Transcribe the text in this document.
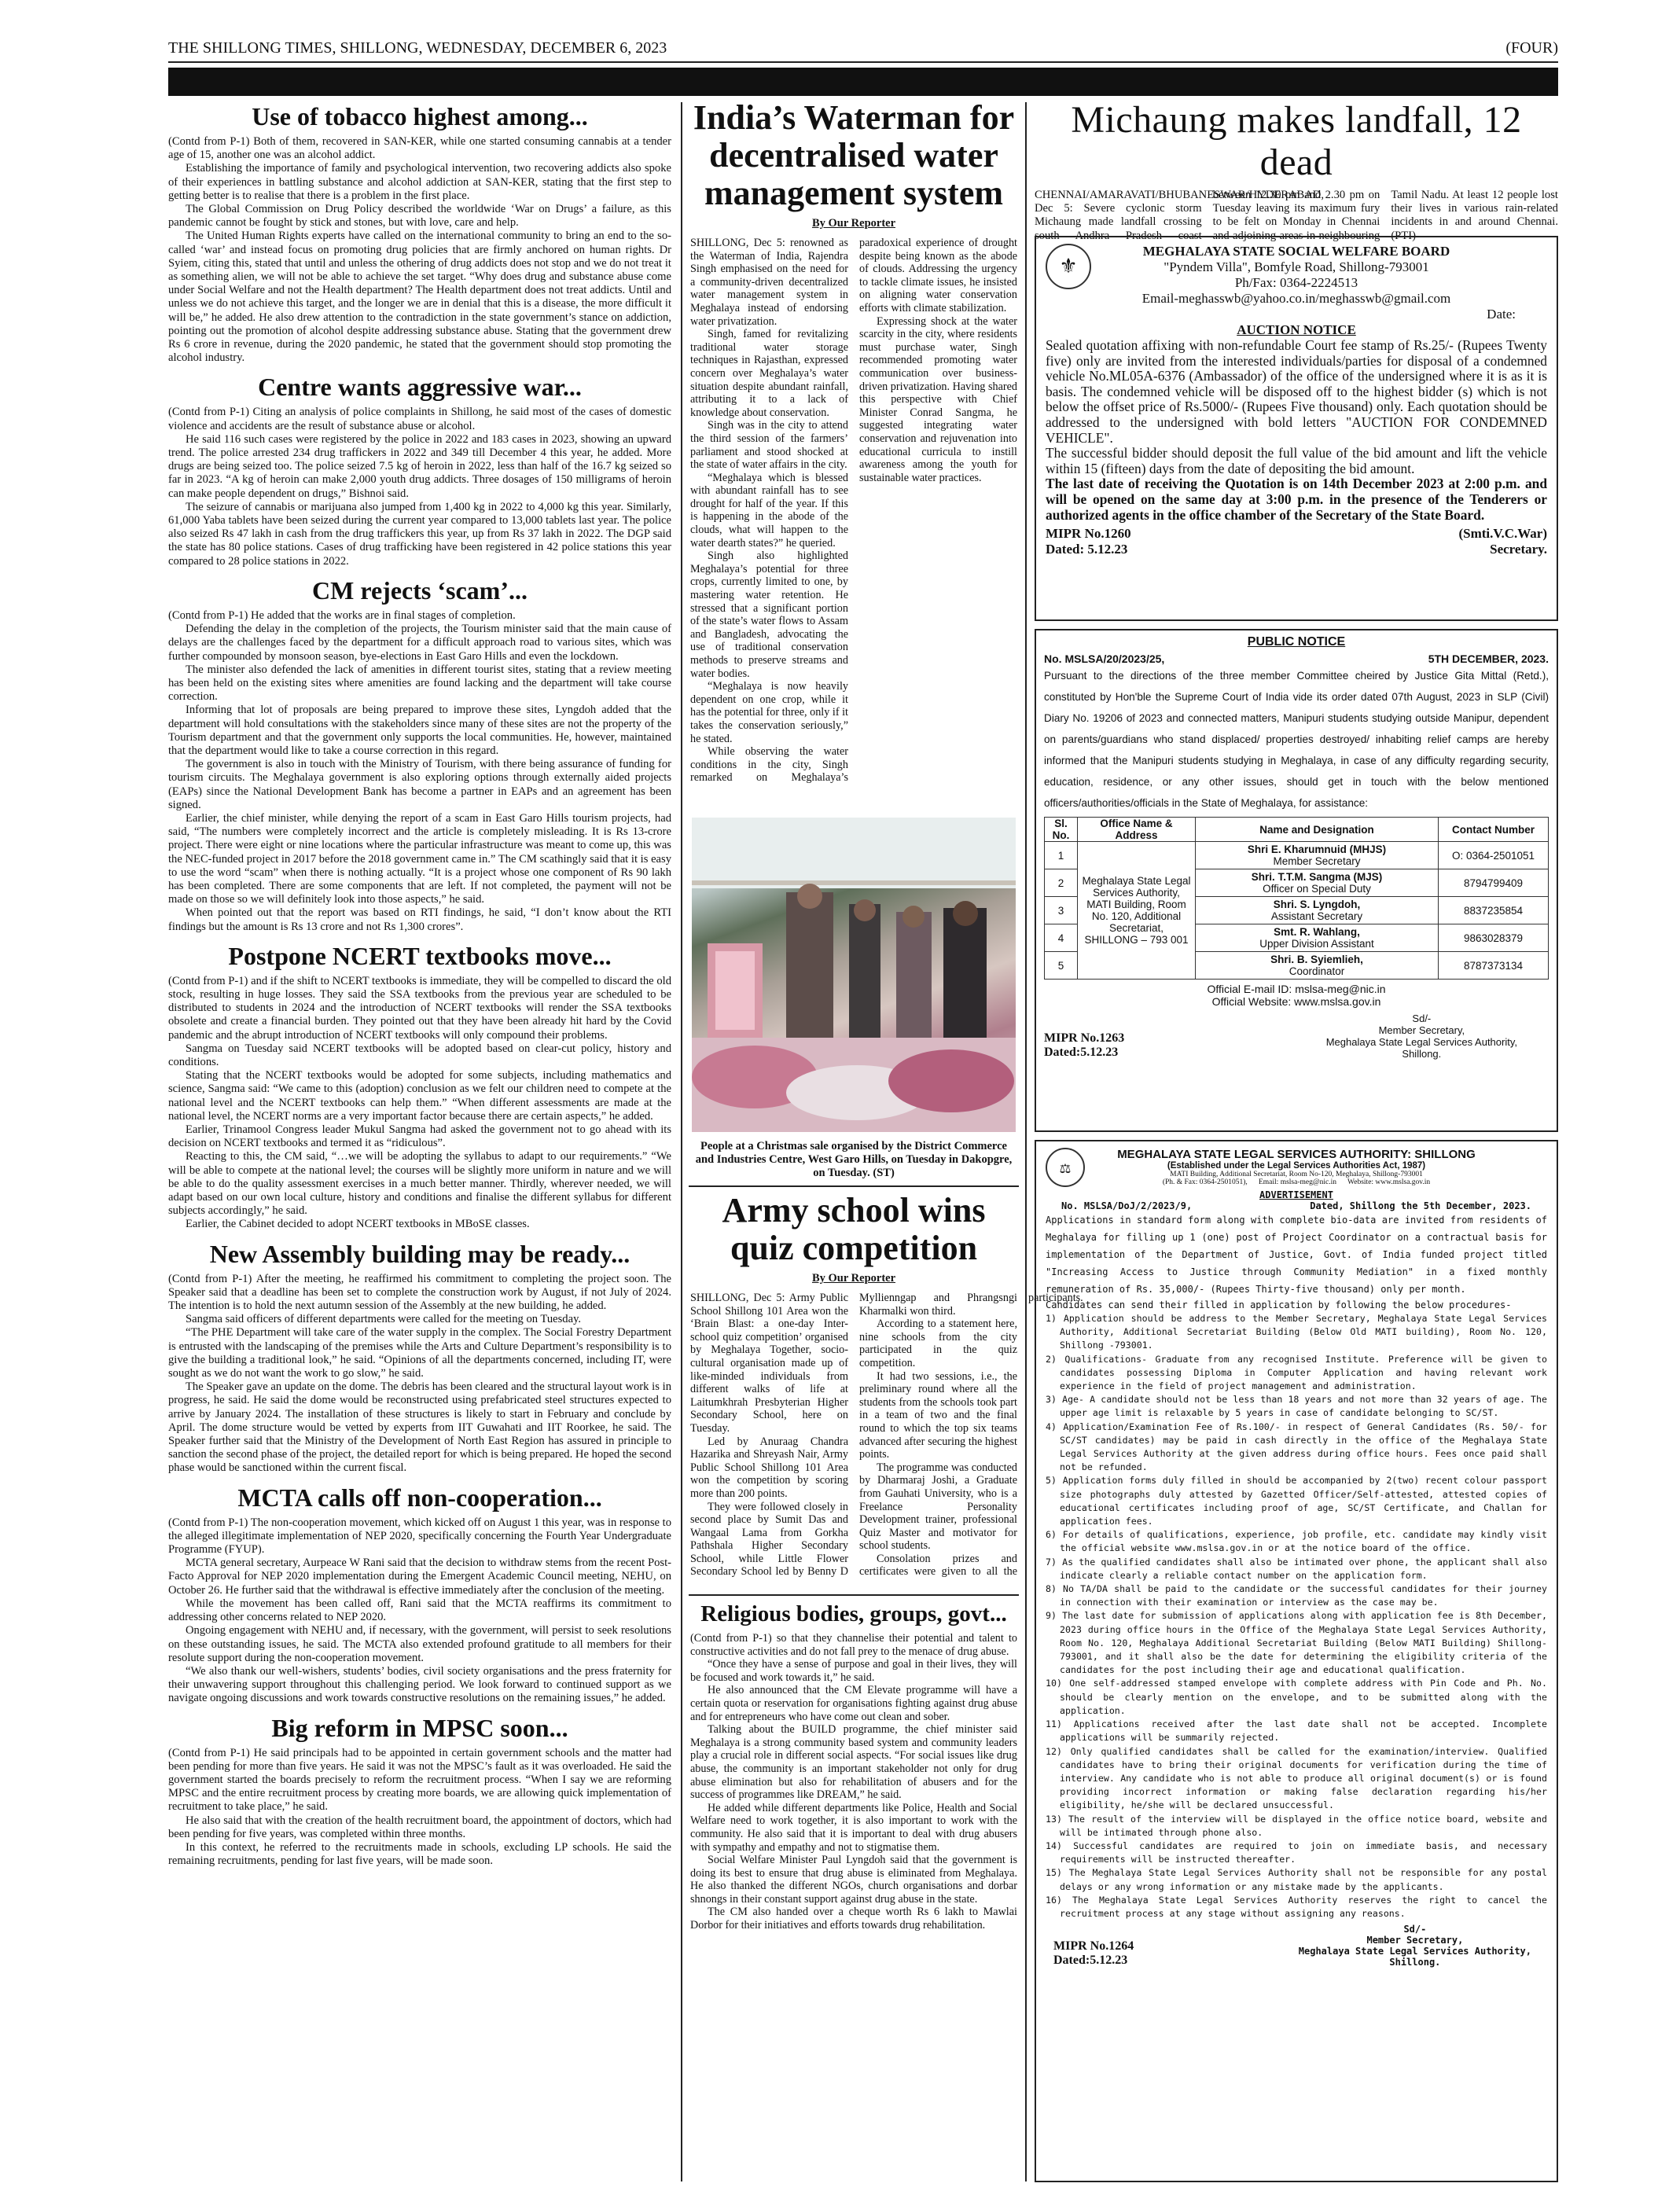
THE SHILLONG TIMES, SHILLONG, WEDNESDAY, DECEMBER 6, 2023	(FOUR)
Use of tobacco highest among...

(Contd from P-1) Both of them, recovered in SAN-KER, while one started consuming cannabis at a tender age of 15, another one was an alcohol addict.

Establishing the importance of family and psychological intervention, two recovering addicts also spoke of their experiences in battling substance and alcohol addiction at SAN-KER, stating that the first step to getting better is to realise that there is a problem in the first place.

The Global Commission on Drug Policy described the worldwide ‘War on Drugs’ a failure, as this pandemic cannot be fought by stick and stones, but with love, care and help.

The United Human Rights experts have called on the international community to bring an end to the so-called ‘war’ and instead focus on promoting drug policies that are firmly anchored on human rights. Dr Syiem, citing this, stated that until and unless the othering of drug addicts does not stop and we do not treat it as something alien, we will not be able to achieve the set target. “Why does drug and substance abuse come under Social Welfare and not the Health department? The Health department does not treat addicts. Until and unless we do not achieve this target, and the longer we are in denial that this is a disease, the more difficult it will be,” he added. He also drew attention to the contradiction in the state government’s stance on addiction, pointing out the promotion of alcohol despite addressing substance abuse. Stating that the government drew Rs 6 crore in revenue, during the 2020 pandemic, he stated that the government should stop promoting the alcohol industry.

Centre wants aggressive war...

(Contd from P-1) Citing an analysis of police complaints in Shillong, he said most of the cases of domestic violence and accidents are the result of substance abuse or alcohol.

He said 116 such cases were registered by the police in 2022 and 183 cases in 2023, showing an upward trend. The police arrested 234 drug traffickers in 2022 and 349 till December 4 this year, he added. More drugs are being seized too. The police seized 7.5 kg of heroin in 2022, less than half of the 16.7 kg seized so far in 2023. “A kg of heroin can make 2,000 youth drug addicts. Three dosages of 150 milligrams of heroin can make people dependent on drugs,” Bishnoi said.

The seizure of cannabis or marijuana also jumped from 1,400 kg in 2022 to 4,000 kg this year. Similarly, 61,000 Yaba tablets have been seized during the current year compared to 13,000 tablets last year. The police also seized Rs 47 lakh in cash from the drug traffickers this year, up from Rs 37 lakh in 2022. The DGP said the state has 80 police stations. Cases of drug trafficking have been registered in 42 police stations this year compared to 28 police stations in 2022.

CM rejects ‘scam’...

(Contd from P-1) He added that the works are in final stages of completion.

Defending the delay in the completion of the projects, the Tourism minister said that the main cause of delays are the challenges faced by the department for a difficult approach road to various sites, which was further compounded by monsoon season, bye-elections in East Garo Hills and even the lockdown.

The minister also defended the lack of amenities in different tourist sites, stating that a review meeting has been held on the existing sites where amenities are found lacking and the department will take course correction.

Informing that lot of proposals are being prepared to improve these sites, Lyngdoh added that the department will hold consultations with the stakeholders since many of these sites are not the property of the Tourism department and that the government only supports the local communities. He, however, maintained that the department would like to take a course correction in this regard.

The government is also in touch with the Ministry of Tourism, with there being assurance of funding for tourism circuits. The Meghalaya government is also exploring options through externally aided projects (EAPs) since the National Development Bank has become a partner in EAPs and an agreement has been signed.

Earlier, the chief minister, while denying the report of a scam in East Garo Hills tourism projects, had said, “The numbers were completely incorrect and the article is completely misleading. It is Rs 13-crore project. There were eight or nine locations where the particular infrastructure was meant to come up, this was the NEC-funded project in 2017 before the 2018 government came in.” The CM scathingly said that it is easy to use the word “scam” when there is nothing actually. “It is a project whose one component of Rs 90 lakh has been completed. There are some components that are left. If not completed, the payment will not be made on those so we will definitely look into those aspects,” he said.

When pointed out that the report was based on RTI findings, he said, “I don’t know about the RTI findings but the amount is Rs 13 crore and not Rs 1,300 crores”.

Postpone NCERT textbooks move...

(Contd from P-1) and if the shift to NCERT textbooks is immediate, they will be compelled to discard the old stock, resulting in huge losses. They said the SSA textbooks from the previous year are scheduled to be distributed to students in 2024 and the introduction of NCERT textbooks will render the SSA textbooks obsolete and create a financial burden. They pointed out that they have been already hit hard by the Covid pandemic and the abrupt introduction of NCERT textbooks will only compound their problems.

Sangma on Tuesday said NCERT textbooks will be adopted based on clear-cut policy, history and conditions.

Stating that the NCERT textbooks would be adopted for some subjects, including mathematics and science, Sangma said: “We came to this (adoption) conclusion as we felt our children need to compete at the national level and the NCERT textbooks can help them.” “When different assessments are made at the national level, the NCERT norms are a very important factor because there are certain aspects,” he added.

Earlier, Trinamool Congress leader Mukul Sangma had asked the government not to go ahead with its decision on NCERT textbooks and termed it as “ridiculous”.

Reacting to this, the CM said, “…we will be adopting the syllabus to adapt to our requirements.” “We will be able to compete at the national level; the courses will be slightly more uniform in nature and we will be able to do the quality assessment exercises in a much better manner. Thirdly, wherever needed, we will adapt based on our own local culture, history and conditions and finalise the different syllabus for different subjects accordingly,” he said.

Earlier, the Cabinet decided to adopt NCERT textbooks in MBoSE classes.

New Assembly building may be ready...

(Contd from P-1) After the meeting, he reaffirmed his commitment to completing the project soon. The Speaker said that a deadline has been set to complete the construction work by August, if not July of 2024. The intention is to hold the next autumn session of the Assembly at the new building, he added.

Sangma said officers of different departments were called for the meeting on Tuesday.

“The PHE Department will take care of the water supply in the complex. The Social Forestry Department is entrusted with the landscaping of the premises while the Arts and Culture Department’s responsibility is to give the building a traditional look,” he said. “Opinions of all the departments concerned, including IT, were sought as we do not want the work to go slow,” he said.

The Speaker gave an update on the dome. The debris has been cleared and the structural layout work is in progress, he said. He said the dome would be reconstructed using prefabricated steel structures expected to arrive by January 2024. The installation of these structures is likely to start in February and conclude by April. The dome structure would be vetted by experts from IIT Guwahati and IIT Roorkee, he said. The Speaker further said that the Ministry of the Development of North East Region has assured in principle to sanction the second phase of the project, the detailed report for which is being prepared. He hoped the second phase would be sanctioned within the current fiscal.

MCTA calls off non-cooperation...

(Contd from P-1) The non-cooperation movement, which kicked off on August 1 this year, was in response to the alleged illegitimate implementation of NEP 2020, specifically concerning the Fourth Year Undergraduate Programme (FYUP).

MCTA general secretary, Aurpeace W Rani said that the decision to withdraw stems from the recent Post-Facto Approval for NEP 2020 implementation during the Emergent Academic Council meeting, NEHU, on October 26. He further said that the withdrawal is effective immediately after the conclusion of the meeting.

While the movement has been called off, Rani said that the MCTA reaffirms its commitment to addressing other concerns related to NEP 2020.

Ongoing engagement with NEHU and, if necessary, with the government, will persist to seek resolutions on these outstanding issues, he said. The MCTA also extended profound gratitude to all members for their resolute support during the non-cooperation movement.

“We also thank our well-wishers, students’ bodies, civil society organisations and the press fraternity for their unwavering support throughout this challenging period. We look forward to continued support as we navigate ongoing discussions and work towards constructive resolutions on the remaining issues,” he added.

Big reform in MPSC soon...

(Contd from P-1) He said principals had to be appointed in certain government schools and the matter had been pending for more than five years. He said it was not the MPSC’s fault as it was overloaded. He said the government started the boards precisely to reform the recruitment process. “When I say we are reforming MPSC and the entire recruitment process by creating more boards, we are allowing quick implementation of recruitment to take place,” he said.

He also said that with the creation of the health recruitment board, the appointment of doctors, which had been pending for five years, was completed within three months.

In this context, he referred to the recruitments made in schools, excluding LP schools. He said the remaining recruitments, pending for last five years, will be made soon.

India’s Waterman for decentralised water management system
By Our Reporter

SHILLONG, Dec 5: renowned as the Waterman of India, Rajendra Singh emphasised on the need for a community-driven decentralized water management system in Meghalaya instead of endorsing water privatization.

Singh, famed for revitalizing traditional water storage techniques in Rajasthan, expressed concern over Meghalaya’s water situation despite abundant rainfall, attributing it to a lack of knowledge about conservation.

Singh was in the city to attend the third session of the farmers’ parliament and stood shocked at the state of water affairs in the city.

“Meghalaya which is blessed with abundant rainfall has to see drought for half of the year. If this is happening in the abode of the clouds, what will happen to the water dearth states?” he queried.

Singh also highlighted Meghalaya’s potential for three crops, currently limited to one, by mastering water retention. He stressed that a significant portion of the state’s water flows to Assam and Bangladesh, advocating the use of traditional conservation methods to preserve streams and water bodies.

“Meghalaya is now heavily dependent on one crop, while it has the potential for three, only if it takes the conservation seriously,” he stated.

While observing the water conditions in the city, Singh remarked on Meghalaya’s paradoxical experience of drought despite being known as the abode of clouds. Addressing the urgency to tackle climate issues, he insisted on aligning water conservation efforts with climate stabilization.

Expressing shock at the water scarcity in the city, where residents must purchase water, Singh recommended promoting water communication over business-driven privatization. Having shared this perspective with Chief Minister Conrad Sangma, he suggested integrating water conservation and rejuvenation into educational curricula to instill awareness among the youth for sustainable water practices.

People at a Christmas sale organised by the District Commerce and Industries Centre, West Garo Hills, on Tuesday in Dakopgre, on Tuesday. (ST)
Army school wins quiz competition
By Our Reporter

SHILLONG, Dec 5: Army Public School Shillong 101 Area won the ‘Brain Blast: a one-day Inter-school quiz competition’ organised by Meghalaya Together, socio-cultural organisation made up of like-minded individuals from different walks of life at Laitumkhrah Presbyterian Higher Secondary School, here on Tuesday.

Led by Anuraag Chandra Hazarika and Shreyash Nair, Army Public School Shillong 101 Area won the competition by scoring more than 200 points.

They were followed closely in second place by Sumit Das and Wangaal Lama from Gorkha Pathshala Higher Secondary School, while Little Flower Secondary School led by Benny D Myllienngap and Phrangsngi Kharmalki won third.

According to a statement here, nine schools from the city participated in the quiz competition.

It had two sessions, i.e., the preliminary round where all the students from the schools took part in a team of two and the final round to which the top six teams advanced after securing the highest points.

The programme was conducted by Dharmaraj Joshi, a Graduate from Gauhati University, who is a Freelance Personality Development trainer, professional Quiz Master and motivator for school students.

Consolation prizes and certificates were given to all the participants.

Religious bodies, groups, govt...

(Contd from P-1) so that they channelise their potential and talent to constructive activities and do not fall prey to the menace of drug abuse.

“Once they have a sense of purpose and goal in their lives, they will be focused and work towards it,” he said.

He also announced that the CM Elevate programme will have a certain quota or reservation for organisations fighting against drug abuse and for entrepreneurs who have come out clean and sober.

Talking about the BUILD programme, the chief minister said Meghalaya is a strong community based system and community leaders play a crucial role in different social aspects. “For social issues like drug abuse, the community is an important stakeholder not only for drug abuse elimination but also for rehabilitation of abusers and for the success of programmes like DREAM,” he said.

He added while different departments like Police, Health and Social Welfare need to work together, it is also important to work with the community. He also said that it is important to deal with drug abusers with sympathy and empathy and not to stigmatise them.

Social Welfare Minister Paul Lyngdoh said that the government is doing its best to ensure that drug abuse is eliminated from Meghalaya. He also thanked the different NGOs, church organisations and dorbar shnongs in their constant support against drug abuse in the state.

The CM also handed over a cheque worth Rs 6 lakh to Mawlai Dorbor for their initiatives and efforts towards drug rehabilitation.

Michaung makes landfall, 12 dead
CHENNAI/AMARAVATI/BHUBANESWAR/HYDERABAD, Dec 5: Severe cyclonic storm Michaung made landfall crossing south Andhra Pradesh coast between 12.30 pm and 2.30 pm on Tuesday leaving its maximum fury to be felt on Monday in Chennai and adjoining areas in neighbouring Tamil Nadu. At least 12 people lost their lives in various rain-related incidents in and around Chennai. (PTI)
⚜
MEGHALAYA STATE SOCIAL WELFARE BOARD
"Pyndem Villa", Bomfyle Road, Shillong-793001
Ph/Fax: 0364-2224513
Email-meghasswb@yahoo.co.in/meghasswb@gmail.com
Date:
AUCTION NOTICE
Sealed quotation affixing with non-refundable Court fee stamp of Rs.25/- (Rupees Twenty five) only are invited from the interested individuals/parties for disposal of a condemned vehicle No.ML05A-6376 (Ambassador) of the office of the undersigned where it is as it is basis. The condemned vehicle will be disposed off to the highest bidder (s) which is not below the offset price of Rs.5000/- (Rupees Five thousand) only. Each quotation should be addressed to the undersigned with bold letters "AUCTION FOR CONDEMNED VEHICLE".
The successful bidder should deposit the full value of the bid amount and lift the vehicle within 15 (fifteen) days from the date of depositing the bid amount.
The last date of receiving the Quotation is on 14th December 2023 at 2:00 p.m. and will be opened on the same day at 3:00 p.m. in the presence of the Tenderers or authorized agents in the office chamber of the Secretary of the State Board.
MIPR No.1260
Dated: 5.12.23
(Smti.V.C.War)
Secretary.
PUBLIC NOTICE
No. MSLSA/20/2023/25,	5TH DECEMBER, 2023.
Pursuant to the directions of the three member Committee cheired by Justice Gita Mittal (Retd.), constituted by Hon'ble the Supreme Court of India vide its order dated 07th August, 2023 in SLP (Civil) Diary No. 19206 of 2023 and connected matters, Manipuri students studying outside Manipur, dependent on parents/guardians who stand displaced/ properties destroyed/ inhabiting relief camps are hereby informed that the Manipuri students studying in Meghalaya, in case of any difficulty regarding security, education, residence, or any other issues, should get in touch with the below mentioned officers/authorities/officials in the State of Meghalaya, for assistance:
Sl. No.	Office Name & Address	Name and Designation	Contact Number
1	Meghalaya State Legal Services Authority, MATI Building, Room No. 120, Additional Secretariat, SHILLONG – 793 001	Shri E. Kharumnuid (MHJS)
Member Secretary	O: 0364-2501051
2		Shri. T.T.M. Sangma (MJS)
Officer on Special Duty	8794799409
3		Shri. S. Lyngdoh,
Assistant Secretary	8837235854
4		Smt. R. Wahlang,
Upper Division Assistant	9863028379
5		Shri. B. Syiemlieh,
Coordinator	8787373134
Official E-mail ID: mslsa-meg@nic.in
Official Website: www.mslsa.gov.in
MIPR No.1263
Dated:5.12.23
Sd/-
Member Secretary,
Meghalaya State Legal Services Authority,
Shillong.
⚖
MEGHALAYA STATE LEGAL SERVICES AUTHORITY: SHILLONG
(Established under the Legal Services Authorities Act, 1987)
MATI Building, Additional Secretariat, Room No-120, Meghalaya, Shillong-793001
(Ph. & Fax: 0364-2501051),      Email: mslsa-meg@nic.in      Website: www.mslsa.gov.in
ADVERTISEMENT
No. MSLSA/DoJ/2/2023/9,	Dated, Shillong the 5th December, 2023.
Applications in standard form along with complete bio-data are invited from residents of Meghalaya for filling up 1 (one) post of Project Coordinator on a contractual basis for implementation of the Department of Justice, Govt. of India funded project titled "Increasing Access to Justice through Community Mediation" in a fixed monthly remuneration of Rs. 35,000/- (Rupees Thirty-five thousand) only per month.
Candidates can send their filled in application by following the below procedures-
1) Application should be address to the Member Secretary, Meghalaya State Legal Services Authority, Additional Secretariat Building (Below Old MATI building), Room No. 120, Shillong -793001.
2) Qualifications- Graduate from any recognised Institute. Preference will be given to candidates possessing Diploma in Computer Application and having relevant work experience in the field of project management and administration.
3) Age- A candidate should not be less than 18 years and not more than 32 years of age. The upper age limit is relaxable by 5 years in case of candidate belonging to SC/ST.
4) Application/Examination Fee of Rs.100/- in respect of General Candidates (Rs. 50/- for SC/ST candidates) may be paid in cash directly in the office of the Meghalaya State Legal Services Authority at the given address during office hours. Fees once paid shall not be refunded.
5) Application forms duly filled in should be accompanied by 2(two) recent colour passport size photographs duly attested by Gazetted Officer/Self-attested, attested copies of educational certificates including proof of age, SC/ST Certificate, and Challan for application fees.
6) For details of qualifications, experience, job profile, etc. candidate may kindly visit the official website www.mslsa.gov.in or at the notice board of the office.
7) As the qualified candidates shall also be intimated over phone, the applicant shall also indicate clearly a reliable contact number on the application form.
8) No TA/DA shall be paid to the candidate or the successful candidates for their journey in connection with their examination or interview as the case may be.
9) The last date for submission of applications along with application fee is 8th December, 2023 during office hours in the Office of the Meghalaya State Legal Services Authority, Room No. 120, Meghalaya Additional Secretariat Building (Below MATI Building) Shillong-793001, and it shall also be the date for determining the eligibility criteria of the candidates for the post including their age and educational qualification.
10) One self-addressed stamped envelope with complete address with Pin Code and Ph. No. should be clearly mention on the envelope, and to be submitted along with the application.
11) Applications received after the last date shall not be accepted. Incomplete applications will be summarily rejected.
12) Only qualified candidates shall be called for the examination/interview. Qualified candidates have to bring their original documents for verification during the time of interview. Any candidate who is not able to produce all original document(s) or is found providing incorrect information or making false declaration regarding his/her eligibility, he/she will be declared unsuccessful.
13) The result of the interview will be displayed in the office notice board, website and will be intimated through phone also.
14) Successful candidates are required to join on immediate basis, and necessary requirements will be instructed thereafter.
15) The Meghalaya State Legal Services Authority shall not be responsible for any postal delays or any wrong information or any mistake made by the applicants.
16) The Meghalaya State Legal Services Authority reserves the right to cancel the recruitment process at any stage without assigning any reasons.
MIPR No.1264
Dated:5.12.23
Sd/-
Member Secretary,
Meghalaya State Legal Services Authority,
Shillong.
